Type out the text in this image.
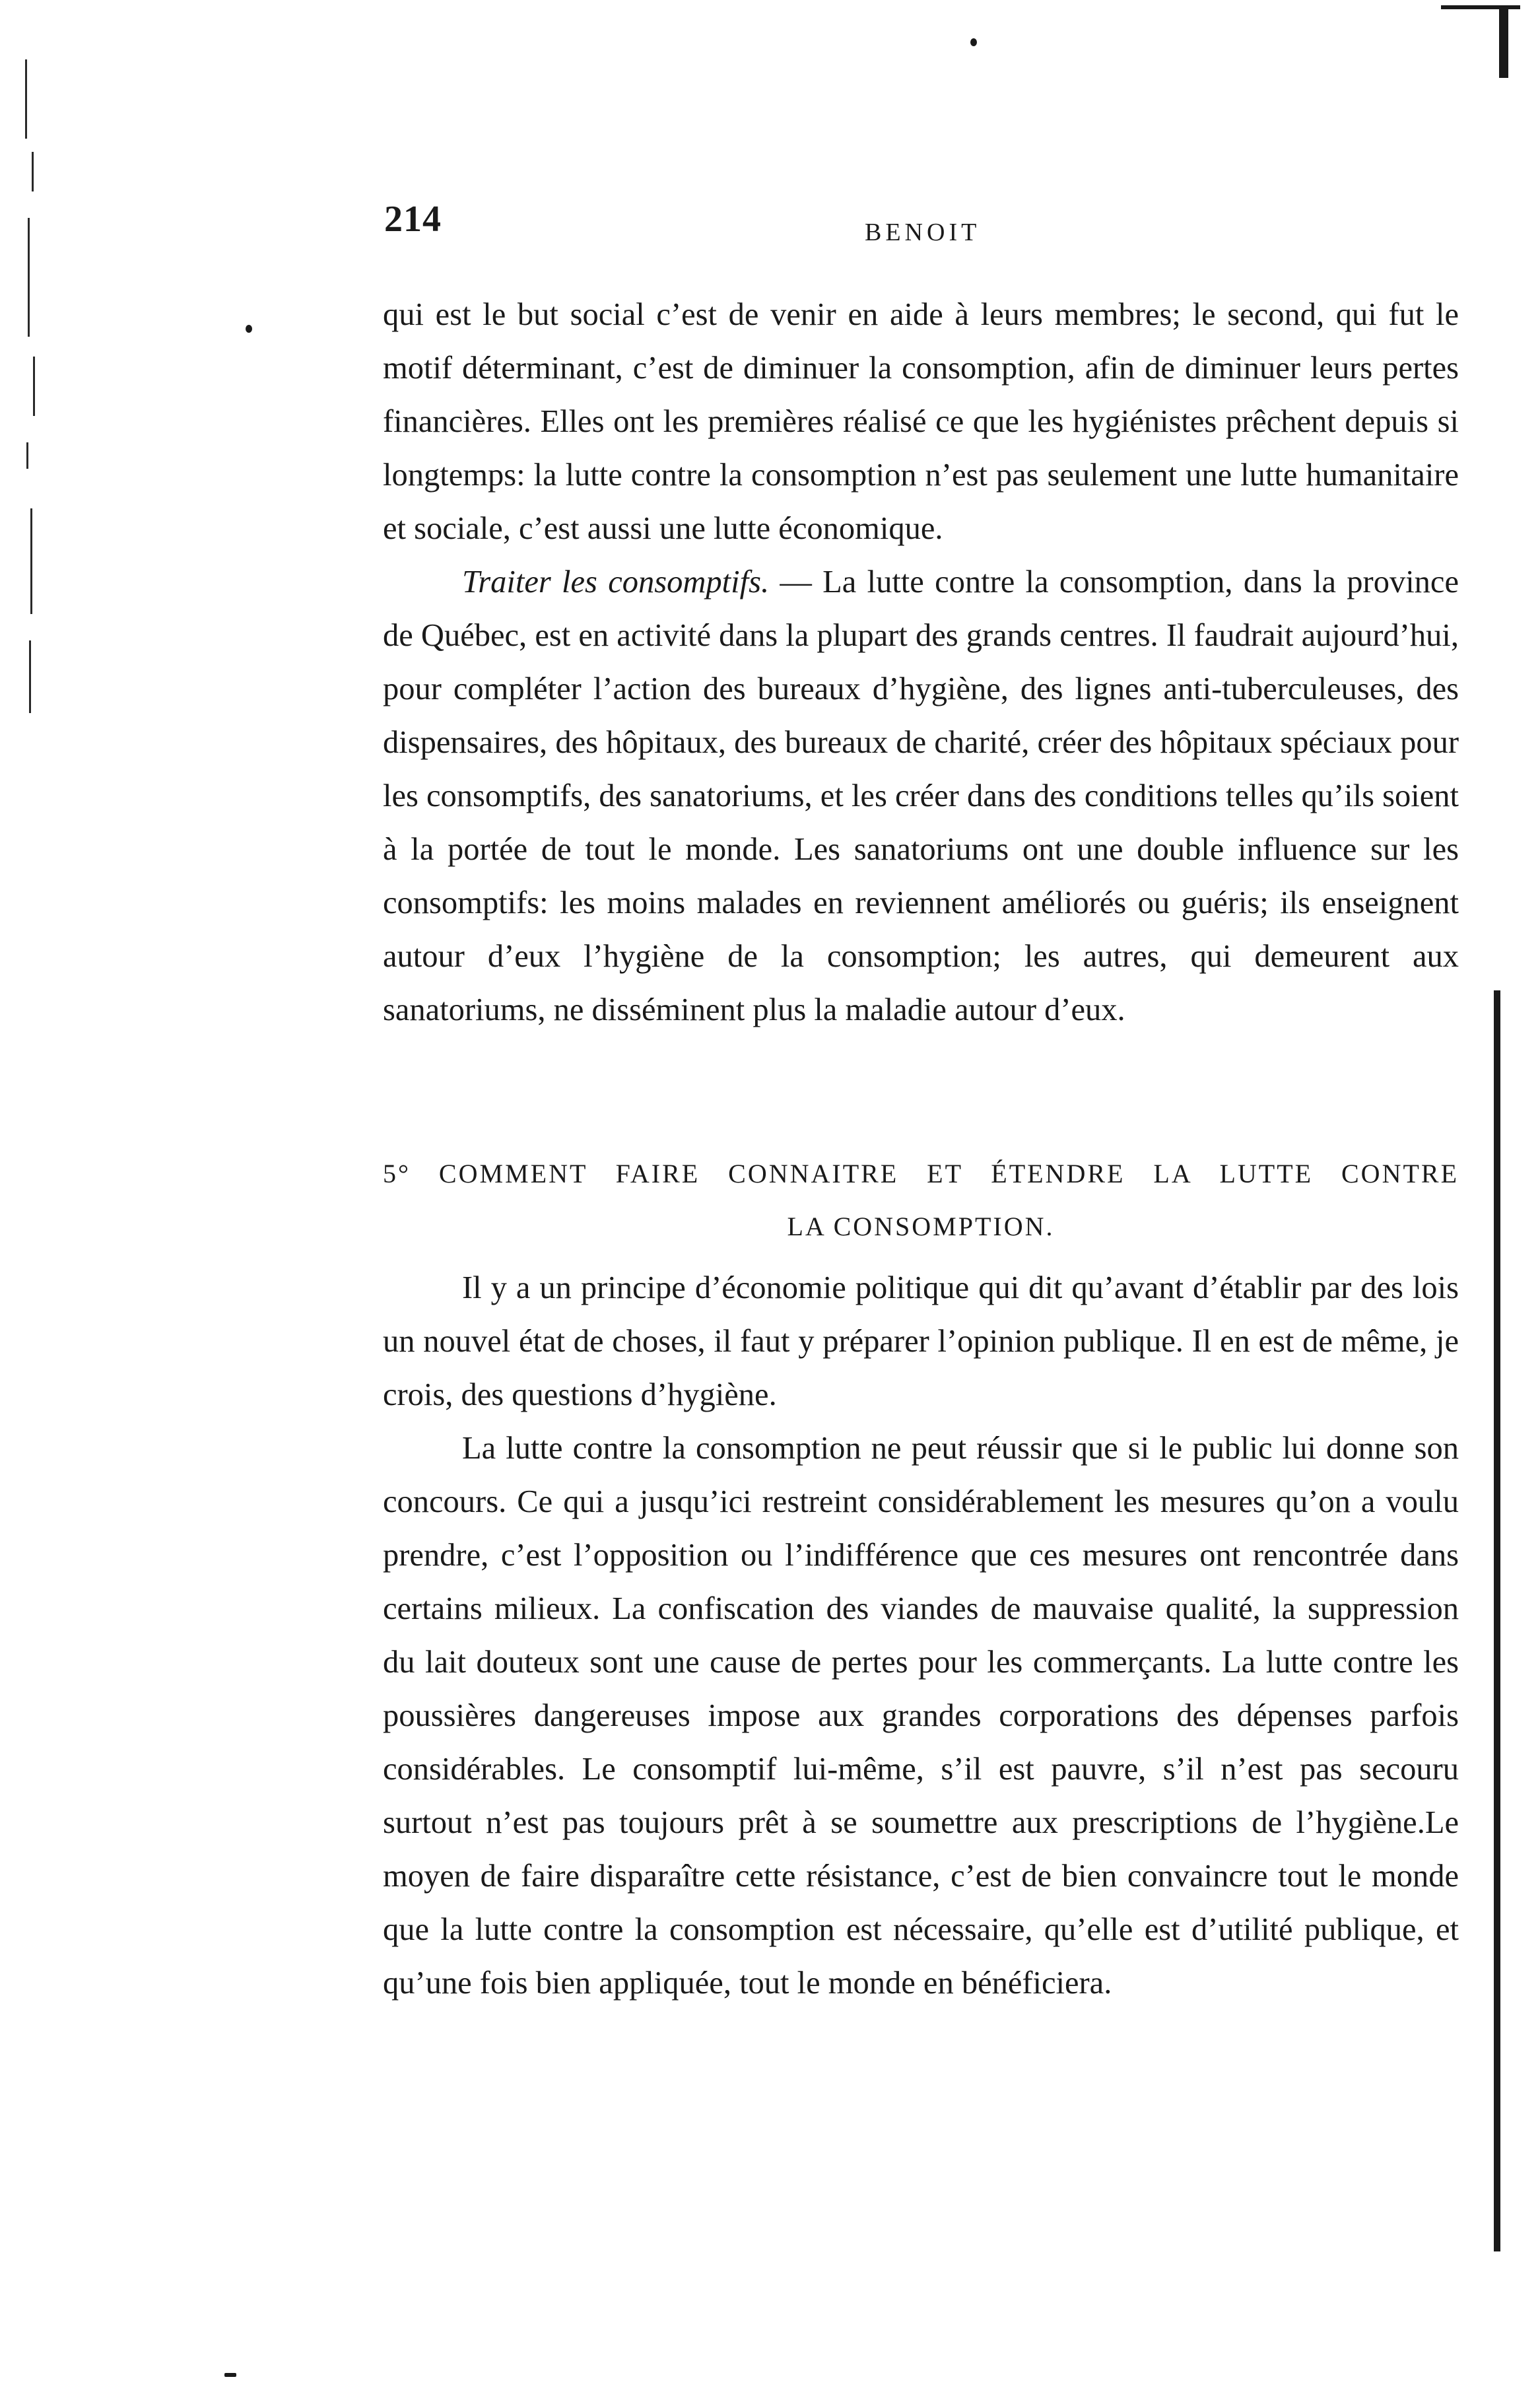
214	BENOIT

qui est le but social c’est de venir en aide à leurs membres; le second, qui fut le motif déterminant, c’est de diminuer la consomption, afin de diminuer leurs pertes financières. Elles ont les premières réalisé ce que les hygiénistes prêchent depuis si longtemps: la lutte contre la consomption n’est pas seulement une lutte humanitaire et sociale, c’est aussi une lutte économique.

Traiter les consomptifs. — La lutte contre la consomption, dans la province de Québec, est en activité dans la plupart des grands centres. Il faudrait aujourd’hui, pour compléter l’action des bureaux d’hygiène, des lignes anti-tuberculeuses, des dispensaires, des hôpitaux, des bureaux de charité, créer des hôpitaux spéciaux pour les consomptifs, des sanatoriums, et les créer dans des conditions telles qu’ils soient à la portée de tout le monde. Les sanatoriums ont une double influence sur les consomptifs: les moins malades en reviennent améliorés ou guéris; ils enseignent autour d’eux l’hygiène de la consomption; les autres, qui demeurent aux sanatoriums, ne disséminent plus la maladie autour d’eux.

5° COMMENT FAIRE CONNAITRE ET ÉTENDRE LA LUTTE CONTRE
LA CONSOMPTION.

Il y a un principe d’économie politique qui dit qu’avant d’établir par des lois un nouvel état de choses, il faut y préparer l’opinion publique. Il en est de même, je crois, des questions d’hygiène.

La lutte contre la consomption ne peut réussir que si le public lui donne son concours. Ce qui a jusqu’ici restreint considérablement les mesures qu’on a voulu prendre, c’est l’opposition ou l’indifférence que ces mesures ont rencontrée dans certains milieux. La confiscation des viandes de mauvaise qualité, la suppression du lait douteux sont une cause de pertes pour les commerçants. La lutte contre les poussières dangereuses impose aux grandes corporations des dépenses parfois considérables. Le consomptif lui-même, s’il est pauvre, s’il n’est pas secouru surtout n’est pas toujours prêt à se soumettre aux prescriptions de l’hygiène.Le moyen de faire disparaître cette résistance, c’est de bien convaincre tout le monde que la lutte contre la consomption est nécessaire, qu’elle est d’utilité publique, et qu’une fois bien appliquée, tout le monde en bénéficiera.
